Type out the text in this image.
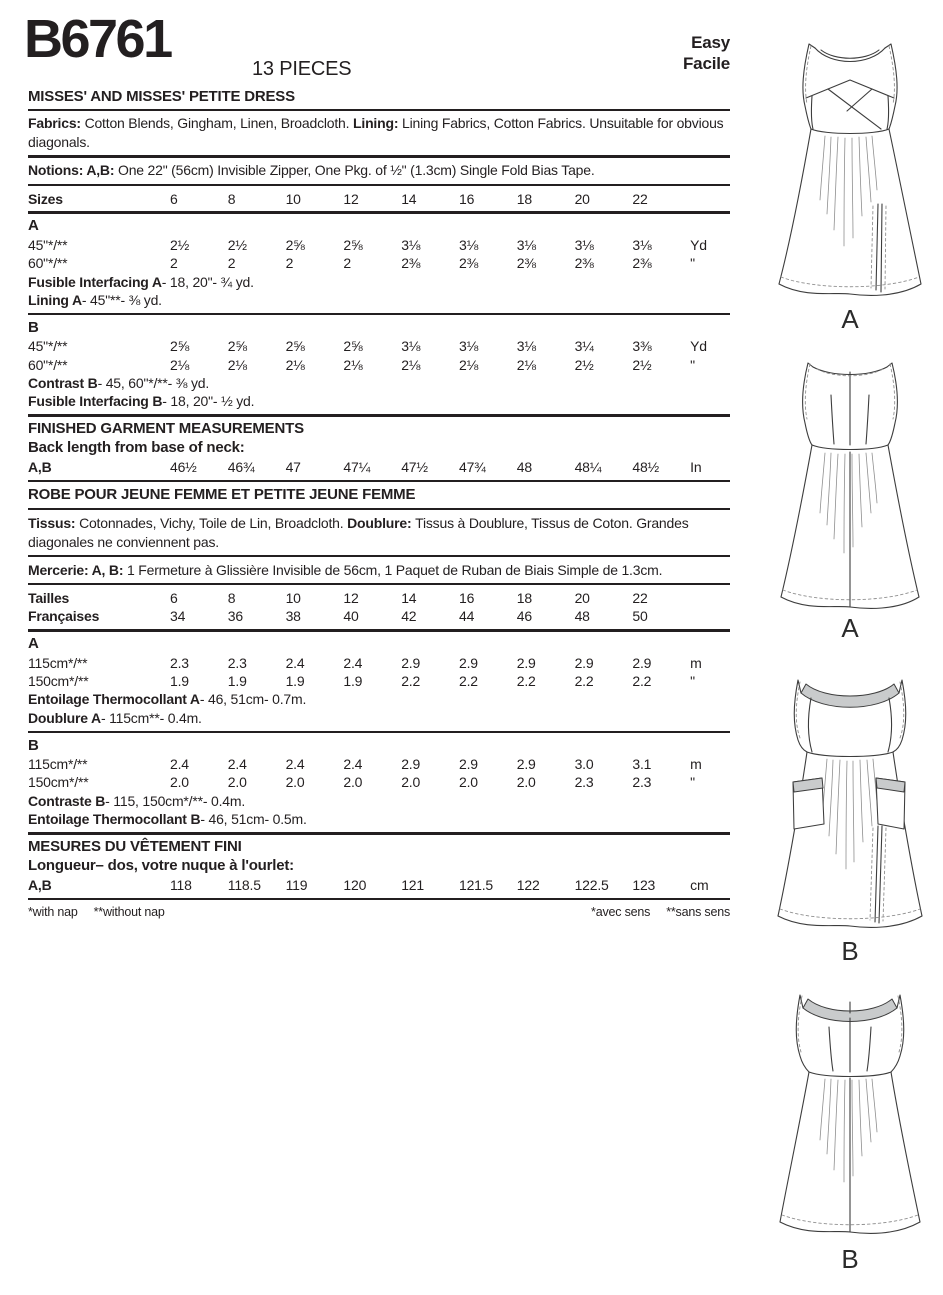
B6761	13 PIECES
Easy
Facile
MISSES' AND MISSES' PETITE DRESS
Fabrics: Cotton Blends, Gingham, Linen, Broadcloth. Lining: Lining Fabrics, Cotton Fabrics. Unsuitable for obvious diagonals.
Notions: A,B: One 22" (56cm) Invisible Zipper, One Pkg. of ½" (1.3cm) Single Fold Bias Tape.
Sizes	6	8	10	12	14	16	18	20	22
A
45"*/**	2½	2½	2⅝	2⅝	3⅛	3⅛	3⅛	3⅛	3⅛	Yd
60"*/**	2	2	2	2	2⅜	2⅜	2⅜	2⅜	2⅜	"
Fusible Interfacing A- 18, 20"- ¾ yd.
Lining A- 45"**- ⅜ yd.
B
45"*/**	2⅝	2⅝	2⅝	2⅝	3⅛	3⅛	3⅛	3¼	3⅜	Yd
60"*/**	2⅛	2⅛	2⅛	2⅛	2⅛	2⅛	2⅛	2½	2½	"
Contrast B- 45, 60"*/**- ⅜ yd.
Fusible Interfacing B- 18, 20"- ½ yd.
FINISHED GARMENT MEASUREMENTS
Back length from base of neck:
A,B	46½	46¾	47	47¼	47½	47¾	48	48¼	48½	In
ROBE POUR JEUNE FEMME ET PETITE JEUNE FEMME
Tissus: Cotonnades, Vichy, Toile de Lin, Broadcloth. Doublure: Tissus à Doublure, Tissus de Coton. Grandes diagonales ne conviennent pas.
Mercerie: A, B: 1 Fermeture à Glissière Invisible de 56cm, 1 Paquet de Ruban de Biais Simple de 1.3cm.
Tailles	6	8	10	12	14	16	18	20	22
Françaises	34	36	38	40	42	44	46	48	50
A
115cm*/**	2.3	2.3	2.4	2.4	2.9	2.9	2.9	2.9	2.9	m
150cm*/**	1.9	1.9	1.9	1.9	2.2	2.2	2.2	2.2	2.2	"
Entoilage Thermocollant A- 46, 51cm- 0.7m.
Doublure A- 115cm**- 0.4m.
B
115cm*/**	2.4	2.4	2.4	2.4	2.9	2.9	2.9	3.0	3.1	m
150cm*/**	2.0	2.0	2.0	2.0	2.0	2.0	2.0	2.3	2.3	"
Contraste B- 115, 150cm*/**- 0.4m.
Entoilage Thermocollant B- 46, 51cm- 0.5m.
MESURES DU VÊTEMENT FINI
Longueur– dos, votre nuque à l'ourlet:
A,B	118	118.5	119	120	121	121.5	122	122.5	123	cm
*with nap **without nap	*avec sens **sans sens
A
A
B
B
